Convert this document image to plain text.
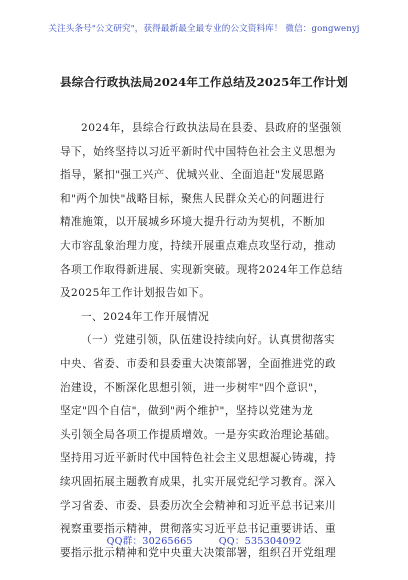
关注头条号"公文研究"，获得最新最全最专业的公文资料库！ 微信：gongwenyj
县综合行政执法局2024年工作总结及2025年工作计划
2024年，县综合行政执法局在县委、县政府的坚强领
导下，始终坚持以习近平新时代中国特色社会主义思想为
指导，紧扣"强工兴产、优城兴业、全面追赶"发展思路
和"两个加快"战略目标，聚焦人民群众关心的问题进行
精准施策，以开展城乡环境大提升行动为契机，不断加
大市容乱象治理力度，持续开展重点难点攻坚行动，推动
各项工作取得新进展、实现新突破。现将2024年工作总结
及2025年工作计划报告如下。
一、2024年工作开展情况
（一）党建引领，队伍建设持续向好。认真贯彻落实
中央、省委、市委和县委重大决策部署，全面推进党的政
治建设，不断深化思想引领，进一步树牢"四个意识"，
坚定"四个自信"，做到"两个维护"，坚持以党建为龙
头引领全局各项工作提质增效。一是夯实政治理论基础。
坚持用习近平新时代中国特色社会主义思想凝心铸魂，持
续巩固拓展主题教育成果，扎实开展党纪学习教育。深入
学习省委、市委、县委历次全会精神和习近平总书记来川
视察重要指示精神，贯彻落实习近平总书记重要讲话、重
要指示批示精神和党中央重大决策部署，组织召开党组理
QQ群：30265665	QQ：535304092
